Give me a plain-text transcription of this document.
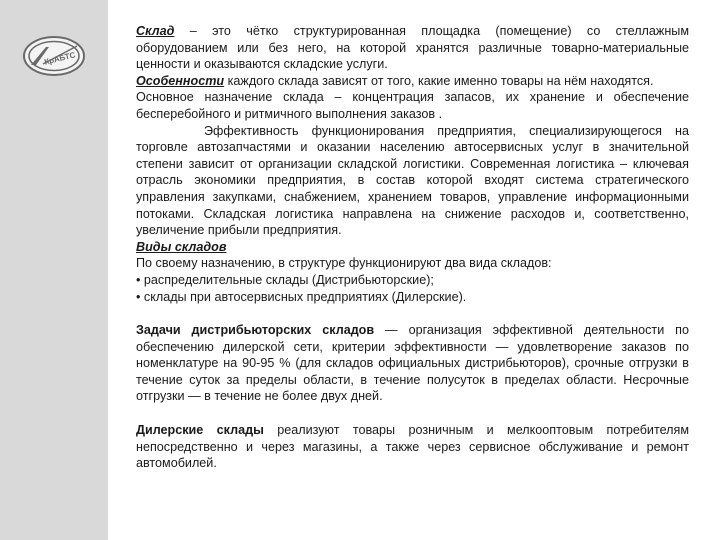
КрАБТС

Склад – это чётко структурированная площадка (помещение) со стеллажным оборудованием или без него, на которой хранятся различные товарно-материальные ценности и оказываются складские услуги.

Особенности каждого склада зависят от того, какие именно товары на нём находятся.

Основное назначение склада – концентрация запасов, их хранение и обеспечение бесперебойного и ритмичного выполнения заказов .

Эффективность функционирования предприятия, специализирующегося на торговле автозапчастями и оказании населению автосервисных услуг в значительной степени зависит от организации складской логистики. Современная логистика – ключевая отрасль экономики предприятия, в состав которой входят система стратегического управления закупками, снабжением, хранением товаров, управление информационными потоками. Складская логистика направлена на снижение расходов и, соответственно, увеличение прибыли предприятия.

Виды складов

По своему назначению, в структуре функционируют два вида складов:

• распределительные склады (Дистрибьюторские);

• склады при автосервисных предприятиях (Дилерские).

Задачи дистрибьюторских складов — организация эффективной деятельности по обеспечению дилерской сети, критерии эффективности — удовлетворение заказов по номенклатуре на 90-95 % (для складов официальных дистрибьюторов), срочные отгрузки в течение суток за пределы области, в течение полусуток в пределах области. Несрочные отгрузки — в течение не более двух дней.

Дилерские склады реализуют товары розничным и мелкооптовым потребителям непосредственно и через магазины, а также через сервисное обслуживание и ремонт автомобилей.
